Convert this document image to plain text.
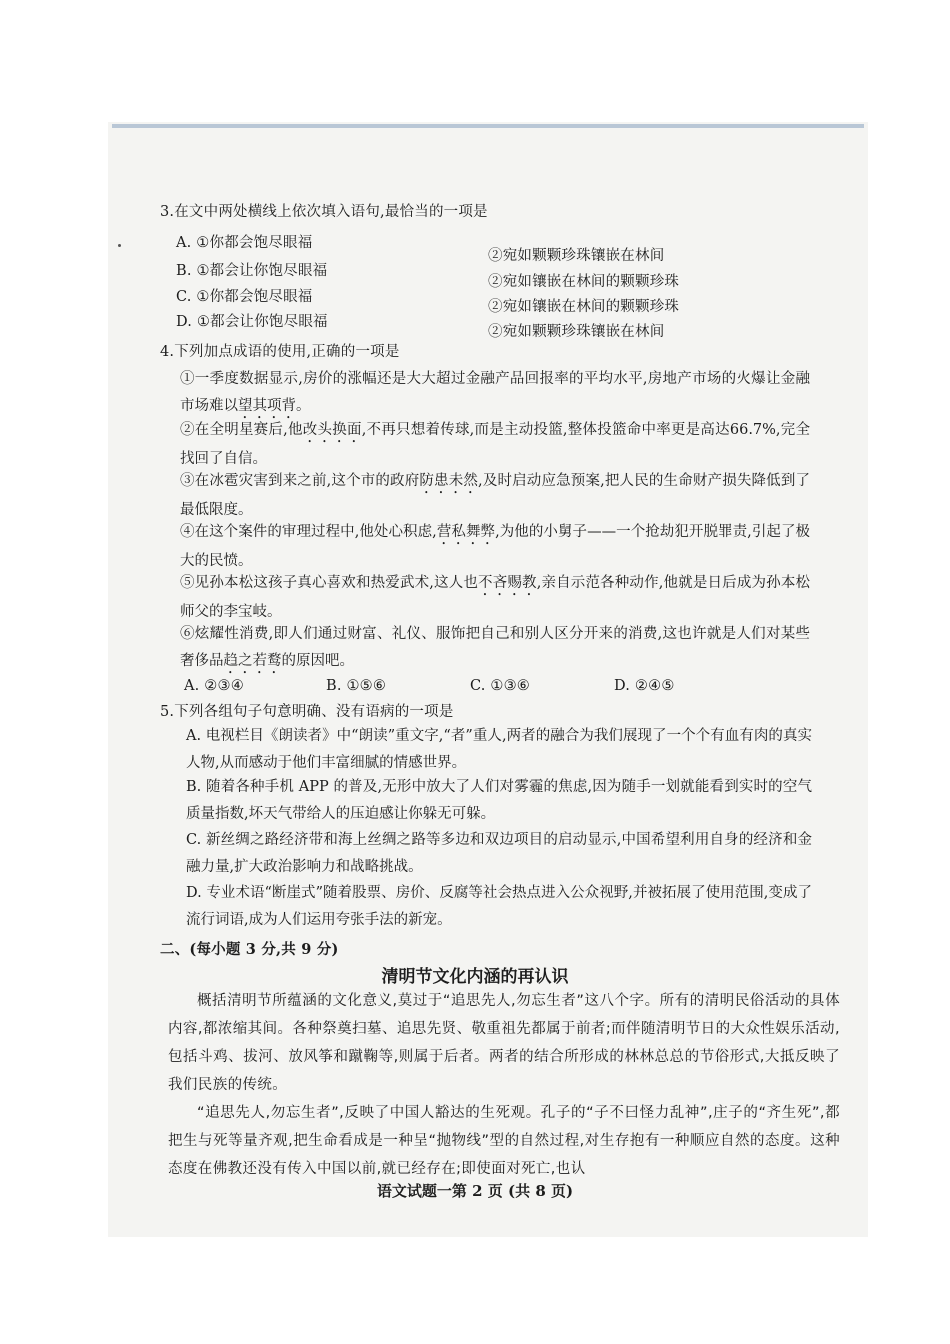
3.在文中两处横线上依次填入语句,最恰当的一项是
A. ①你都会饱尽眼福
②宛如颗颗珍珠镶嵌在林间
B. ①都会让你饱尽眼福
②宛如镶嵌在林间的颗颗珍珠
C. ①你都会饱尽眼福
②宛如镶嵌在林间的颗颗珍珠
D. ①都会让你饱尽眼福
②宛如颗颗珍珠镶嵌在林间
4.下列加点成语的使用,正确的一项是
①一季度数据显示,房价的涨幅还是大大超过金融产品回报率的平均水平,房地产市场的火爆让金融市场难以望其项背。
②在全明星赛后,他改头换面,不再只想着传球,而是主动投篮,整体投篮命中率更是高达66.7%,完全找回了自信。
③在冰雹灾害到来之前,这个市的政府防患未然,及时启动应急预案,把人民的生命财产损失降低到了最低限度。
④在这个案件的审理过程中,他处心积虑,营私舞弊,为他的小舅子——一个抢劫犯开脱罪责,引起了极大的民愤。
⑤见孙本松这孩子真心喜欢和热爱武术,这人也不吝赐教,亲自示范各种动作,他就是日后成为孙本松师父的李宝岐。
⑥炫耀性消费,即人们通过财富、礼仪、服饰把自己和别人区分开来的消费,这也许就是人们对某些奢侈品趋之若鹜的原因吧。
A. ②③④	B. ①⑤⑥	C. ①③⑥	D. ②④⑤
5.下列各组句子句意明确、没有语病的一项是
A. 电视栏目《朗读者》中“朗读”重文字,“者”重人,两者的融合为我们展现了一个个有血有肉的真实人物,从而感动于他们丰富细腻的情感世界。
B. 随着各种手机 APP 的普及,无形中放大了人们对雾霾的焦虑,因为随手一划就能看到实时的空气质量指数,坏天气带给人的压迫感让你躲无可躲。
C. 新丝绸之路经济带和海上丝绸之路等多边和双边项目的启动显示,中国希望利用自身的经济和金融力量,扩大政治影响力和战略挑战。
D. 专业术语“断崖式”随着股票、房价、反腐等社会热点进入公众视野,并被拓展了使用范围,变成了流行词语,成为人们运用夸张手法的新宠。
二、(每小题 3 分,共 9 分)
清明节文化内涵的再认识
概括清明节所蕴涵的文化意义,莫过于“追思先人,勿忘生者”这八个字。所有的清明民俗活动的具体内容,都浓缩其间。各种祭奠扫墓、追思先贤、敬重祖先都属于前者;而伴随清明节日的大众性娱乐活动,包括斗鸡、拔河、放风筝和蹴鞠等,则属于后者。两者的结合所形成的林林总总的节俗形式,大抵反映了我们民族的传统。
“追思先人,勿忘生者”,反映了中国人豁达的生死观。孔子的“子不曰怪力乱神”,庄子的“齐生死”,都把生与死等量齐观,把生命看成是一种呈“抛物线”型的自然过程,对生存抱有一种顺应自然的态度。这种态度在佛教还没有传入中国以前,就已经存在;即使面对死亡,也认
语文试题一第 2 页 (共 8 页)
